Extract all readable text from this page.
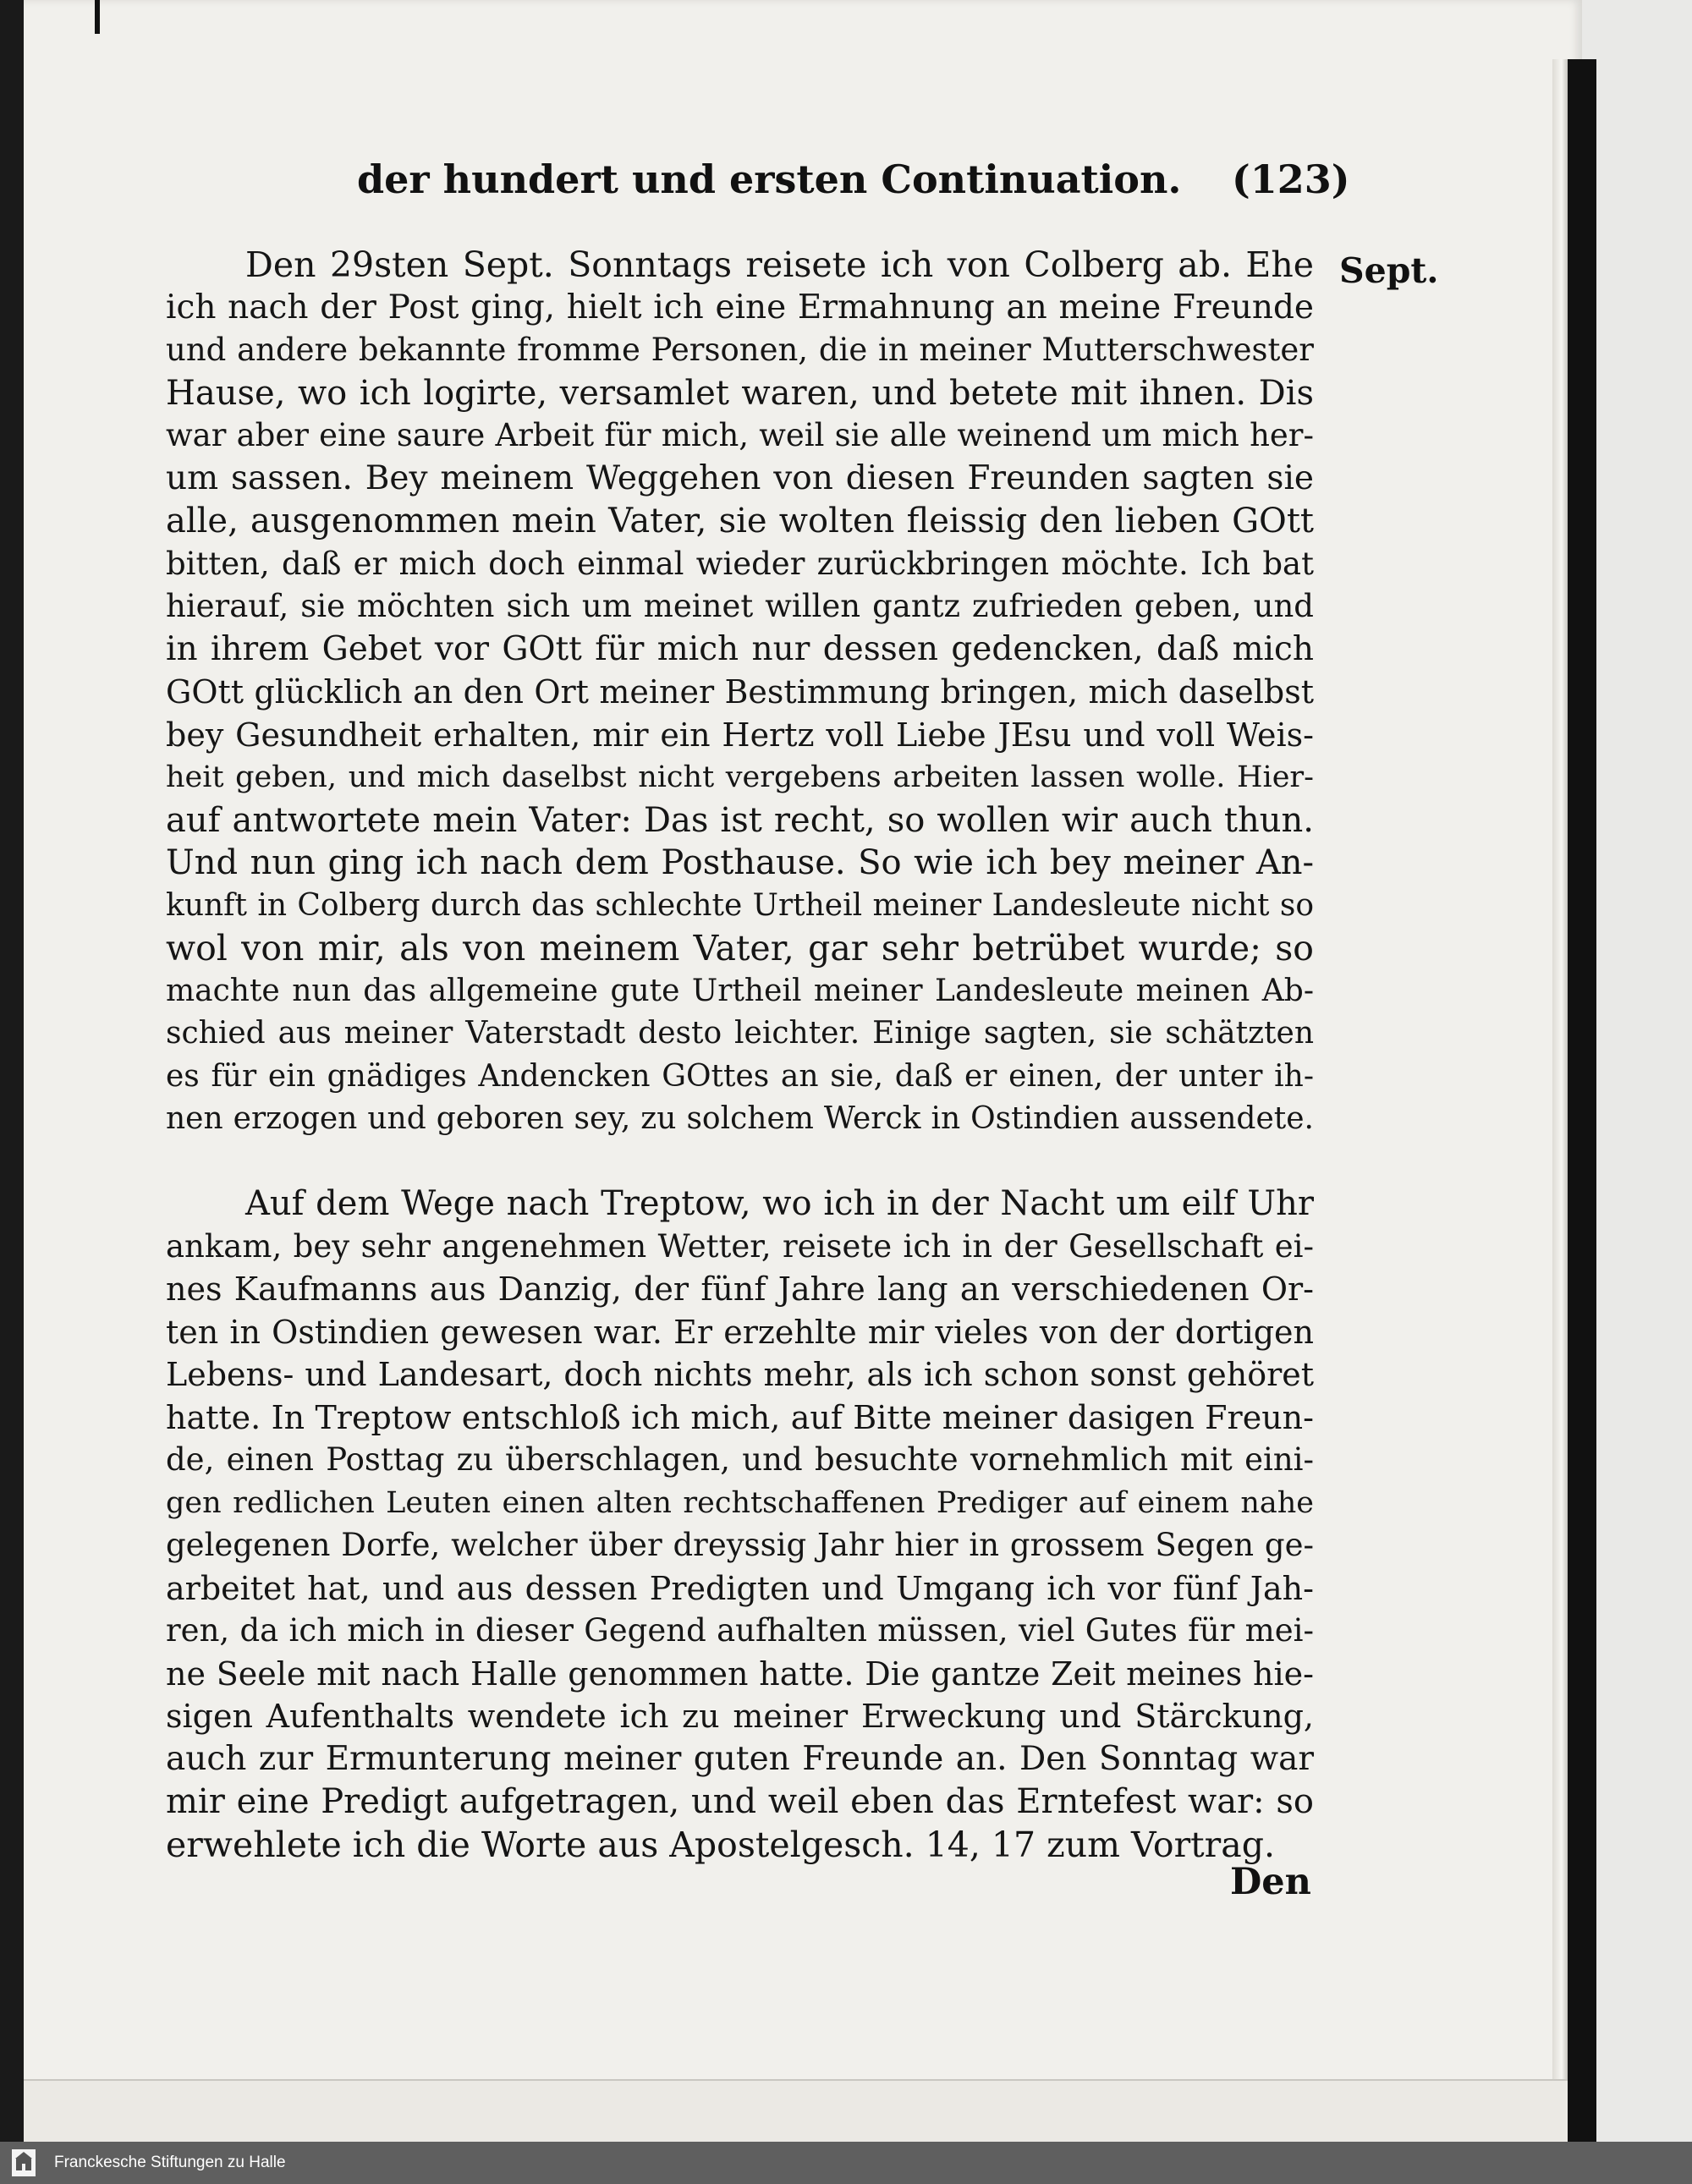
der hundert und ersten Continuation. (123)
Sept.

Den 29sten Sept. Sonntags reisete ich von Colberg ab. Ehe

ich nach der Post ging, hielt ich eine Ermahnung an meine Freunde

und andere bekannte fromme Personen, die in meiner Mutterschwester

Hause, wo ich logirte, versamlet waren, und betete mit ihnen. Dis

war aber eine saure Arbeit für mich, weil sie alle weinend um mich her-

um sassen. Bey meinem Weggehen von diesen Freunden sagten sie

alle, ausgenommen mein Vater, sie wolten fleissig den lieben GOtt

bitten, daß er mich doch einmal wieder zurückbringen möchte. Ich bat

hierauf, sie möchten sich um meinet willen gantz zufrieden geben, und

in ihrem Gebet vor GOtt für mich nur dessen gedencken, daß mich

GOtt glücklich an den Ort meiner Bestimmung bringen, mich daselbst

bey Gesundheit erhalten, mir ein Hertz voll Liebe JEsu und voll Weis-

heit geben, und mich daselbst nicht vergebens arbeiten lassen wolle. Hier-

auf antwortete mein Vater: Das ist recht, so wollen wir auch thun.

Und nun ging ich nach dem Posthause. So wie ich bey meiner An-

kunft in Colberg durch das schlechte Urtheil meiner Landesleute nicht so

wol von mir, als von meinem Vater, gar sehr betrübet wurde; so

machte nun das allgemeine gute Urtheil meiner Landesleute meinen Ab-

schied aus meiner Vaterstadt desto leichter. Einige sagten, sie schätzten

es für ein gnädiges Andencken GOttes an sie, daß er einen, der unter ih-

nen erzogen und geboren sey, zu solchem Werck in Ostindien aussendete.

Auf dem Wege nach Treptow, wo ich in der Nacht um eilf Uhr

ankam, bey sehr angenehmen Wetter, reisete ich in der Gesellschaft ei-

nes Kaufmanns aus Danzig, der fünf Jahre lang an verschiedenen Or-

ten in Ostindien gewesen war. Er erzehlte mir vieles von der dortigen

Lebens- und Landesart, doch nichts mehr, als ich schon sonst gehöret

hatte. In Treptow entschloß ich mich, auf Bitte meiner dasigen Freun-

de, einen Posttag zu überschlagen, und besuchte vornehmlich mit eini-

gen redlichen Leuten einen alten rechtschaffenen Prediger auf einem nahe

gelegenen Dorfe, welcher über dreyssig Jahr hier in grossem Segen ge-

arbeitet hat, und aus dessen Predigten und Umgang ich vor fünf Jah-

ren, da ich mich in dieser Gegend aufhalten müssen, viel Gutes für mei-

ne Seele mit nach Halle genommen hatte. Die gantze Zeit meines hie-

sigen Aufenthalts wendete ich zu meiner Erweckung und Stärckung,

auch zur Ermunterung meiner guten Freunde an. Den Sonntag war

mir eine Predigt aufgetragen, und weil eben das Erntefest war: so

erwehlete ich die Worte aus Apostelgesch. 14, 17 zum Vortrag.

Den
Franckesche Stiftungen zu Halle
